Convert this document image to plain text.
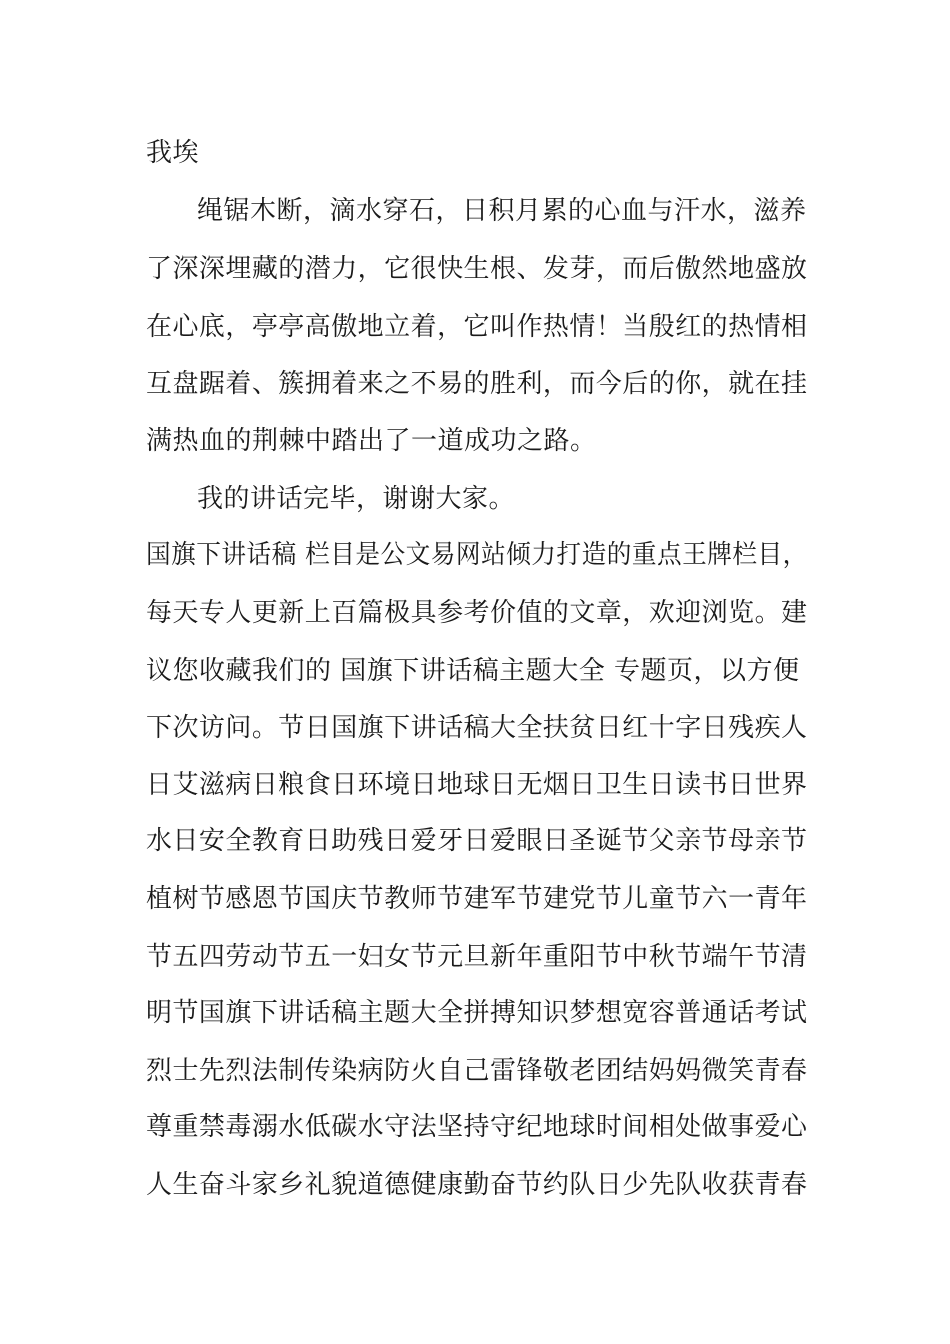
我埃
绳锯木断，滴水穿石，日积月累的心血与汗水，滋养
了深深埋藏的潜力，它很快生根、发芽，而后傲然地盛放
在心底，亭亭高傲地立着，它叫作热情！当殷红的热情相
互盘踞着、簇拥着来之不易的胜利，而今后的你，就在挂
满热血的荆棘中踏出了一道成功之路。
我的讲话完毕，谢谢大家。
国旗下讲话稿 栏目是公文易网站倾力打造的重点王牌栏目，
每天专人更新上百篇极具参考价值的文章，欢迎浏览。建
议您收藏我们的 国旗下讲话稿主题大全 专题页，以方便
下次访问。节日国旗下讲话稿大全扶贫日红十字日残疾人
日艾滋病日粮食日环境日地球日无烟日卫生日读书日世界
水日安全教育日助残日爱牙日爱眼日圣诞节父亲节母亲节
植树节感恩节国庆节教师节建军节建党节儿童节六一青年
节五四劳动节五一妇女节元旦新年重阳节中秋节端午节清
明节国旗下讲话稿主题大全拼搏知识梦想宽容普通话考试
烈士先烈法制传染病防火自己雷锋敬老团结妈妈微笑青春
尊重禁毒溺水低碳水守法坚持守纪地球时间相处做事爱心
人生奋斗家乡礼貌道德健康勤奋节约队日少先队收获青春
